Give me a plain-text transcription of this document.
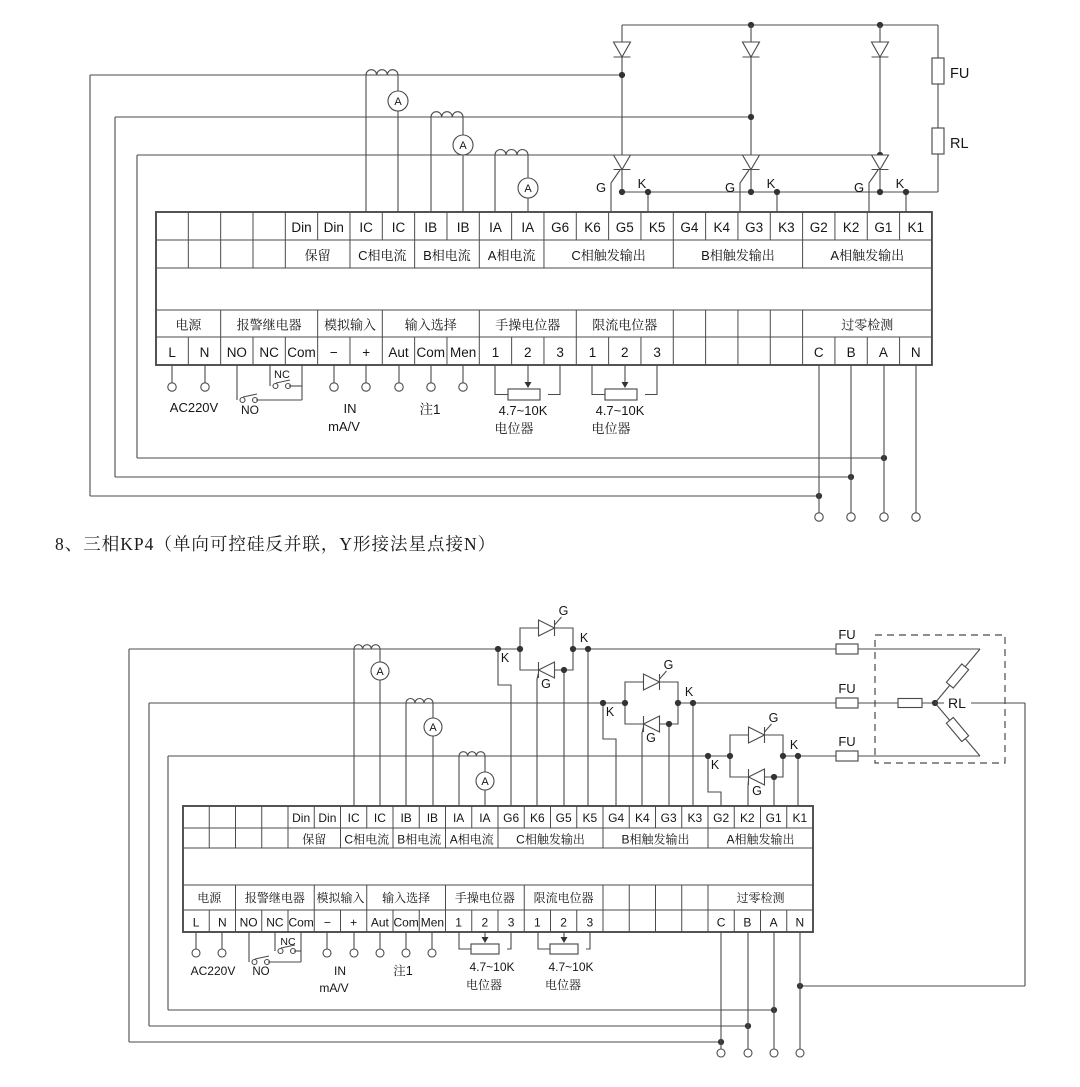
Din Din IC IC IB IB IA IA G6 K6 G5 K5 G4 K4 G3 K3 G2 K2 G1 K1
保留 C相电流 B相电流 A相电流	C相触发输出	B相触发输出	A相触发输出
电源	报警继电器 模拟输入 输入选择	手操电位器 限流电位器	过零检测
L N NO NC Com − + Aut Com Men 1 2 3 1 2 3	C B A N
Din Din IC IC IB IB IA IA G6 K6 G5 K5 G4 K4 G3 K3 G2 K2 G1 K1
保留 C相电流 B相电流 A相电流 C相触发输出	B相触发输出	A相触发输出
电源 报警继电器 模拟输入 输入选择 手操电位器 限流电位器	过零检测
L N NO NC Com − + Aut Com Men 1 2 3 1 2 3	C B A N
G K	G K	G K
FU
RL
A
A
A
AC220V
NC
NO	IN
mA/V
注1	4.7~10K
电位器
4.7~10K
电位器
G
G
K
K
G
G
K
K
G
G
K
K
FU
FU
FU
RL
A
A
A
AC220V
NC
NO	IN
mA/V
注1	4.7~10K
电位器
4.7~10K
电位器
8、三相KP4（单向可控硅反并联，Y形接法星点接N）
